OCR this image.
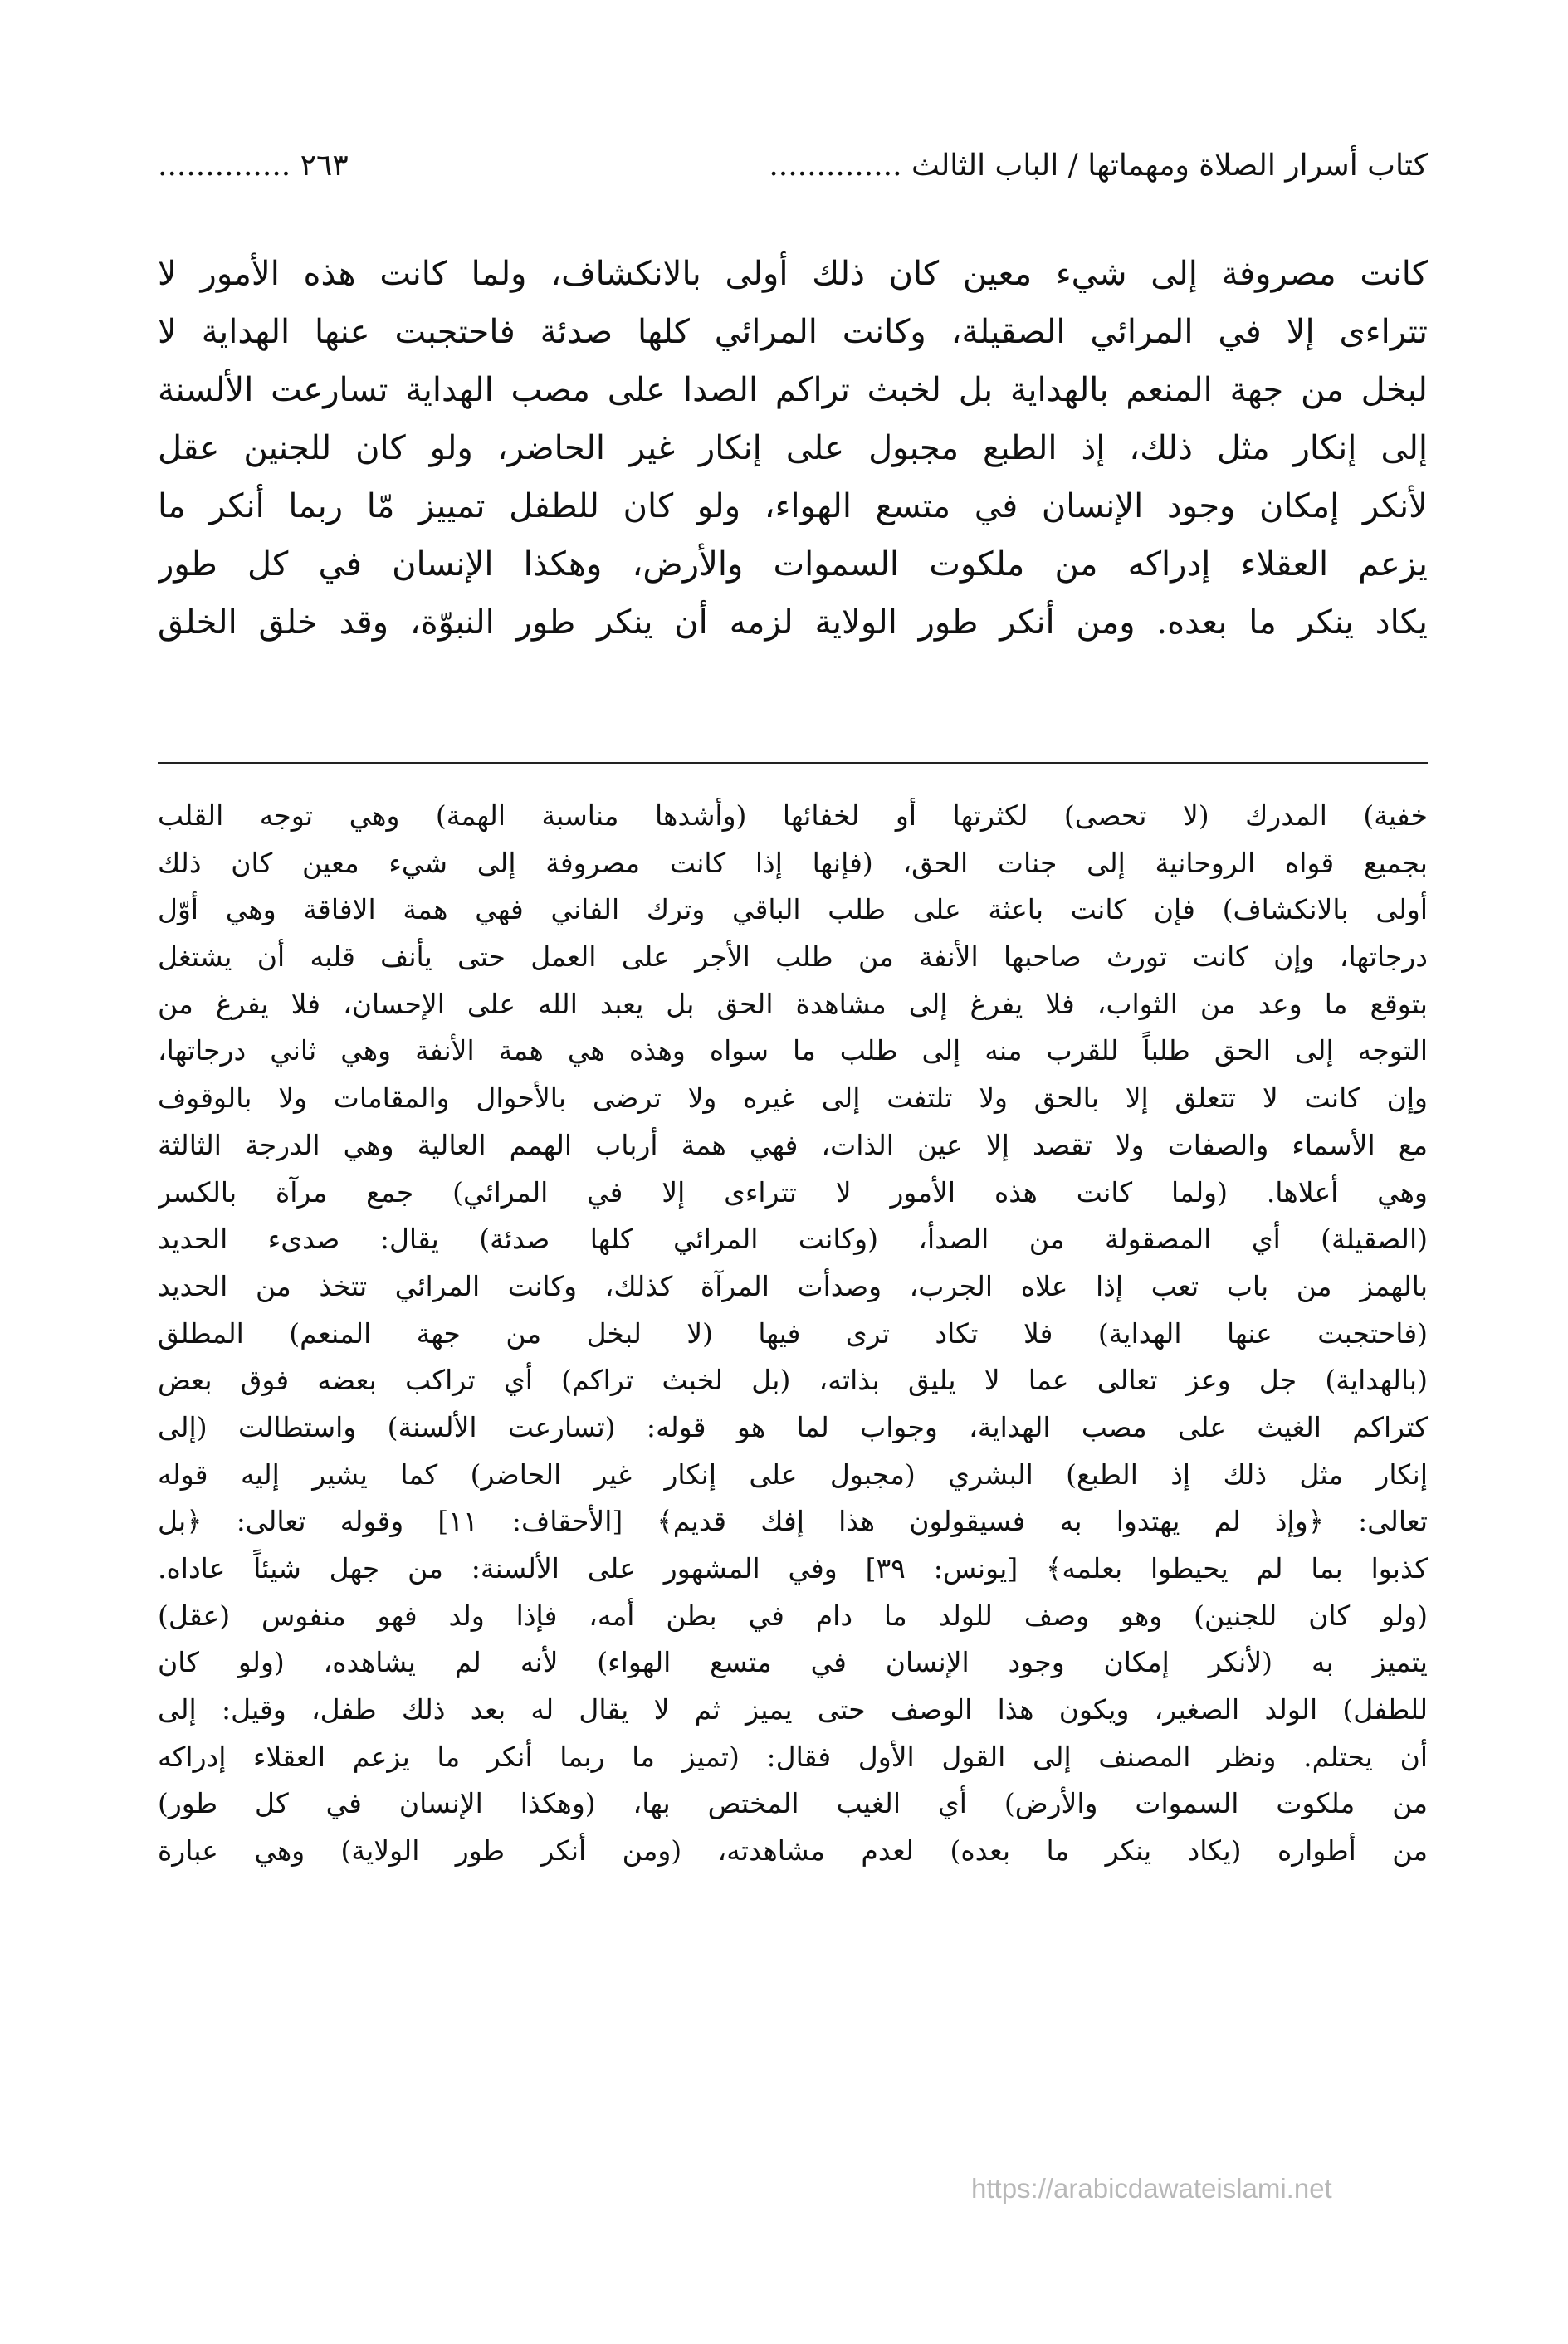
كتاب أسرار الصلاة ومهماتها / الباب الثالث ..............
٢٦٣ ..............
كانت مصروفة إلى شيء معين كان ذلك أولى بالانكشاف، ولما كانت هذه الأمور لا
تتراءى إلا في المرائي الصقيلة، وكانت المرائي كلها صدئة فاحتجبت عنها الهداية لا
لبخل من جهة المنعم بالهداية بل لخبث تراكم الصدا على مصب الهداية تسارعت الألسنة
إلى إنكار مثل ذلك، إذ الطبع مجبول على إنكار غير الحاضر، ولو كان للجنين عقل
لأنكر إمكان وجود الإنسان في متسع الهواء، ولو كان للطفل تمييز مّا ربما أنكر ما
يزعم العقلاء إدراكه من ملكوت السموات والأرض، وهكذا الإنسان في كل طور
يكاد ينكر ما بعده. ومن أنكر طور الولاية لزمه أن ينكر طور النبوّة، وقد خلق الخلق
خفية) المدرك (لا تحصى) لكثرتها أو لخفائها (وأشدها مناسبة الهمة) وهي توجه القلب
بجميع قواه الروحانية إلى جنات الحق، (فإنها إذا كانت مصروفة إلى شيء معين كان ذلك
أولى بالانكشاف) فإن كانت باعثة على طلب الباقي وترك الفاني فهي همة الافاقة وهي أوّل
درجاتها، وإن كانت تورث صاحبها الأنفة من طلب الأجر على العمل حتى يأنف قلبه أن يشتغل
بتوقع ما وعد من الثواب، فلا يفرغ إلى مشاهدة الحق بل يعبد الله على الإحسان، فلا يفرغ من
التوجه إلى الحق طلباً للقرب منه إلى طلب ما سواه وهذه هي همة الأنفة وهي ثاني درجاتها،
وإن كانت لا تتعلق إلا بالحق ولا تلتفت إلى غيره ولا ترضى بالأحوال والمقامات ولا بالوقوف
مع الأسماء والصفات ولا تقصد إلا عين الذات، فهي همة أرباب الهمم العالية وهي الدرجة الثالثة
وهي أعلاها. (ولما كانت هذه الأمور لا تتراءى إلا في المرائي) جمع مرآة بالكسر
(الصقيلة) أي المصقولة من الصدأ، (وكانت المرائي كلها صدئة) يقال: صدىء الحديد
بالهمز من باب تعب إذا علاه الجرب، وصدأت المرآة كذلك، وكانت المرائي تتخذ من الحديد
(فاحتجبت عنها الهداية) فلا تكاد ترى فيها (لا لبخل من جهة المنعم) المطلق
(بالهداية) جل وعز تعالى عما لا يليق بذاته، (بل لخبث تراكم) أي تراكب بعضه فوق بعض
كتراكم الغيث على مصب الهداية، وجواب لما هو قوله: (تسارعت الألسنة) واستطالت (إلى
إنكار مثل ذلك إذ الطبع) البشري (مجبول على إنكار غير الحاضر) كما يشير إليه قوله
تعالى: ﴿وإذ لم يهتدوا به فسيقولون هذا إفك قديم﴾ [الأحقاف: ١١] وقوله تعالى: ﴿بل
كذبوا بما لم يحيطوا بعلمه﴾ [يونس: ٣٩] وفي المشهور على الألسنة: من جهل شيئاً عاداه.
(ولو كان للجنين) وهو وصف للولد ما دام في بطن أمه، فإذا ولد فهو منفوس (عقل)
يتميز به (لأنكر إمكان وجود الإنسان في متسع الهواء) لأنه لم يشاهده، (ولو كان
للطفل) الولد الصغير، ويكون هذا الوصف حتى يميز ثم لا يقال له بعد ذلك طفل، وقيل: إلى
أن يحتلم. ونظر المصنف إلى القول الأول فقال: (تميز ما ربما أنكر ما يزعم العقلاء إدراكه
من ملكوت السموات والأرض) أي الغيب المختص بها، (وهكذا الإنسان في كل طور)
من أطواره (يكاد ينكر ما بعده) لعدم مشاهدته، (ومن أنكر طور الولاية) وهي عبارة
https://arabicdawateislami.net
